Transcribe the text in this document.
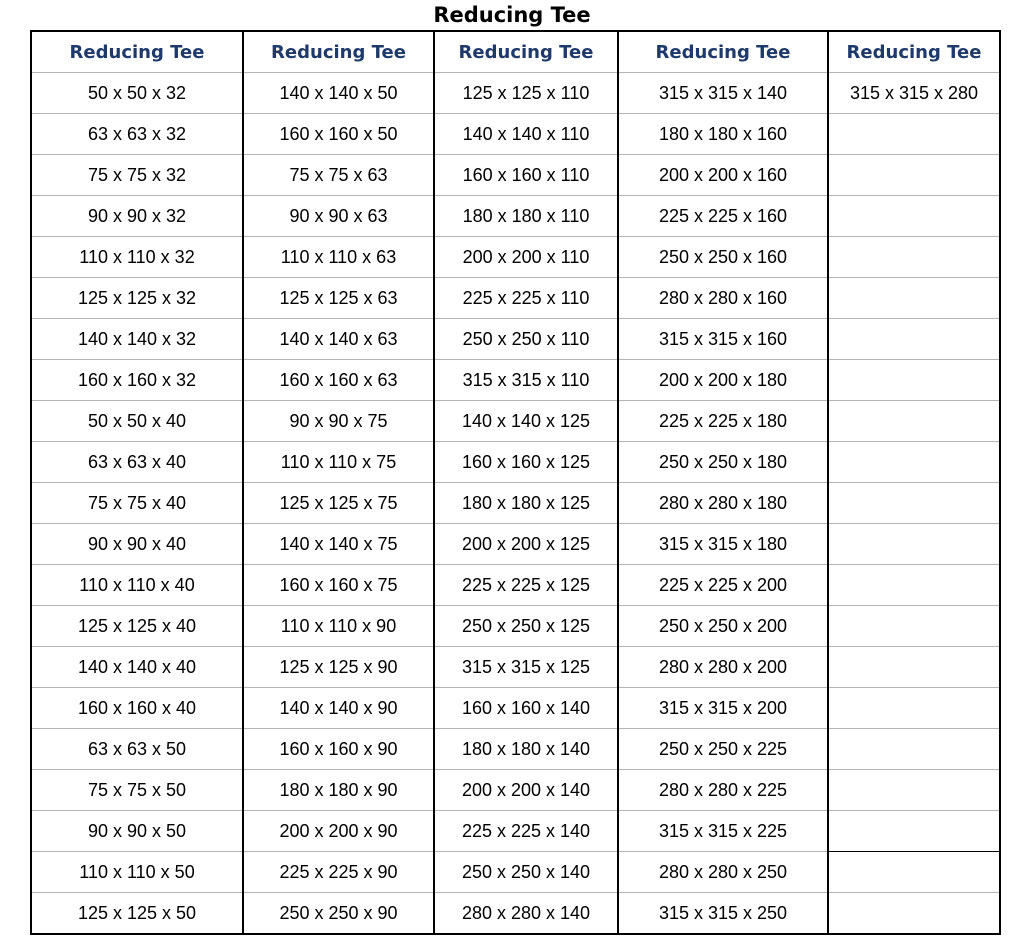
Reducing Tee
Reducing Tee	Reducing Tee	Reducing Tee	Reducing Tee	Reducing Tee
50 x 50 x 32	140 x 140 x 50	125 x 125 x 110	315 x 315 x 140	315 x 315 x 280
63 x 63 x 32	160 x 160 x 50	140 x 140 x 110	180 x 180 x 160	
75 x 75 x 32	75 x 75 x 63	160 x 160 x 110	200 x 200 x 160	
90 x 90 x 32	90 x 90 x 63	180 x 180 x 110	225 x 225 x 160	
110 x 110 x 32	110 x 110 x 63	200 x 200 x 110	250 x 250 x 160	
125 x 125 x 32	125 x 125 x 63	225 x 225 x 110	280 x 280 x 160	
140 x 140 x 32	140 x 140 x 63	250 x 250 x 110	315 x 315 x 160	
160 x 160 x 32	160 x 160 x 63	315 x 315 x 110	200 x 200 x 180	
50 x 50 x 40	90 x 90 x 75	140 x 140 x 125	225 x 225 x 180	
63 x 63 x 40	110 x 110 x 75	160 x 160 x 125	250 x 250 x 180	
75 x 75 x 40	125 x 125 x 75	180 x 180 x 125	280 x 280 x 180	
90 x 90 x 40	140 x 140 x 75	200 x 200 x 125	315 x 315 x 180	
110 x 110 x 40	160 x 160 x 75	225 x 225 x 125	225 x 225 x 200	
125 x 125 x 40	110 x 110 x 90	250 x 250 x 125	250 x 250 x 200	
140 x 140 x 40	125 x 125 x 90	315 x 315 x 125	280 x 280 x 200	
160 x 160 x 40	140 x 140 x 90	160 x 160 x 140	315 x 315 x 200	
63 x 63 x 50	160 x 160 x 90	180 x 180 x 140	250 x 250 x 225	
75 x 75 x 50	180 x 180 x 90	200 x 200 x 140	280 x 280 x 225	
90 x 90 x 50	200 x 200 x 90	225 x 225 x 140	315 x 315 x 225	
110 x 110 x 50	225 x 225 x 90	250 x 250 x 140	280 x 280 x 250	
125 x 125 x 50	250 x 250 x 90	280 x 280 x 140	315 x 315 x 250	
